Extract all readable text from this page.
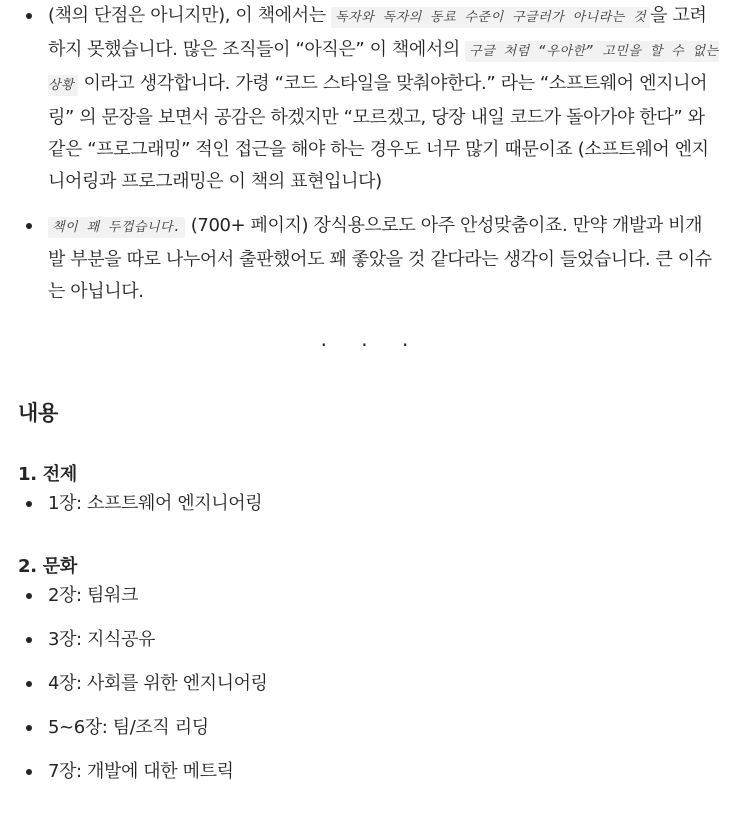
(책의 단점은 아니지만), 이 책에서는 독자와 독자의 동료 수준이 구글러가 아니라는 것 을 고려하지 못했습니다. 많은 조직들이 “아직은” 이 책에서의 구글 처럼 “우아한” 고민을 할 수 없는 상황 이라고 생각합니다. 가령 “코드 스타일을 맞춰야한다.” 라는 “소프트웨어 엔지니어링” 의 문장을 보면서 공감은 하겠지만 “모르겠고, 당장 내일 코드가 돌아가야 한다” 와 같은 “프로그래밍” 적인 접근을 해야 하는 경우도 너무 많기 때문이죠 (소프트웨어 엔지니어링과 프로그래밍은 이 책의 표현입니다)
책이 꽤 두껍습니다. (700+ 페이지) 장식용으로도 아주 안성맞춤이죠. 만약 개발과 비개발 부분을 따로 나누어서 출판했어도 꽤 좋았을 것 같다라는 생각이 들었습니다. 큰 이슈는 아닙니다.
· · ·
내용
1. 전제
1장: 소프트웨어 엔지니어링
2. 문화
2장: 팀워크
3장: 지식공유
4장: 사회를 위한 엔지니어링
5~6장: 팀/조직 리딩
7장: 개발에 대한 메트릭
